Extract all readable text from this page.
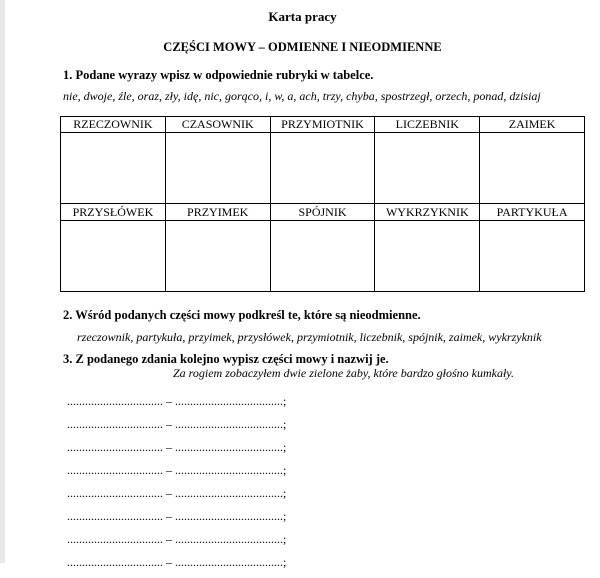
Karta pracy
CZĘŚCI MOWY – ODMIENNE I NIEODMIENNE
1. Podane wyrazy wpisz w odpowiednie rubryki w tabelce.
nie, dwoje, źle, oraz, zły, idę, nic, gorąco, i, w, a, ach, trzy, chyba, spostrzegł, orzech, ponad, dzisiaj
RZECZOWNIK	CZASOWNIK	PRZYMIOTNIK	LICZEBNIK	ZAIMEK

PRZYSŁÓWEK	PRZYIMEK	SPÓJNIK	WYKRZYKNIK	PARTYKUŁA

2. Wśród podanych części mowy podkreśl te, które są nieodmienne.
rzeczownik, partykuła, przyimek, przysłówek, przymiotnik, liczebnik, spójnik, zaimek, wykrzyknik
3. Z podanego zdania kolejno wypisz części mowy i nazwij je.
Za rogiem zobaczyłem dwie zielone żaby, które bardzo głośno kumkały.
................................ – ....................................;
................................ – ....................................;
................................ – ....................................;
................................ – ....................................;
................................ – ....................................;
................................ – ....................................;
................................ – ....................................;
................................ – ....................................;
